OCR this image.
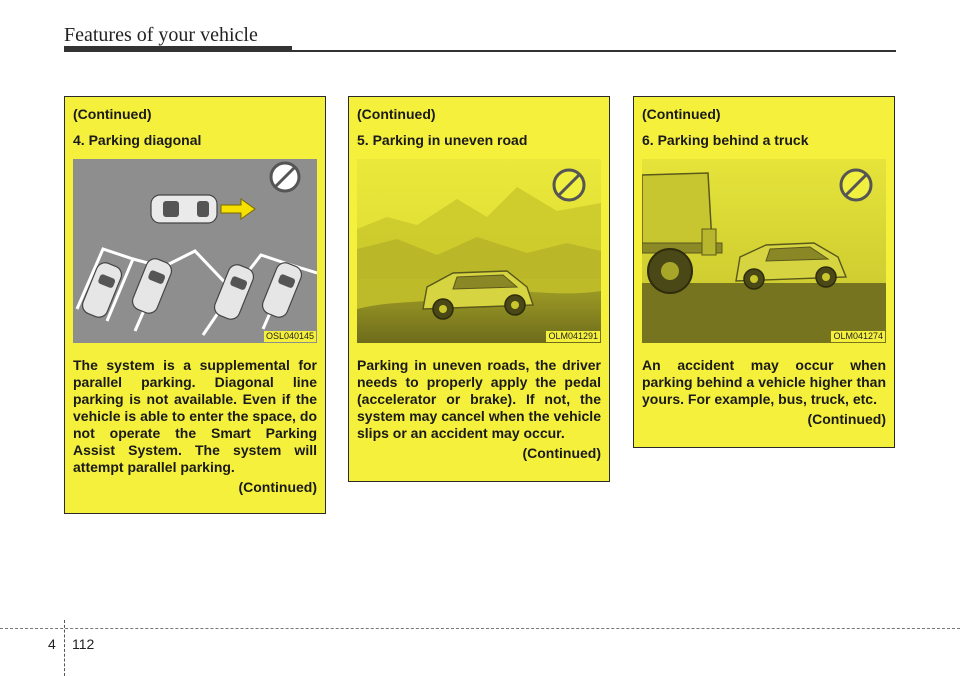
Features of your vehicle
(Continued)
4. Parking diagonal
OSL040145
The system is a supplemental for parallel parking. Diagonal line parking is not available. Even if the vehicle is able to enter the space, do not operate the Smart Parking Assist System. The system will attempt parallel parking.
(Continued)
(Continued)
5. Parking in uneven road
OLM041291
Parking in uneven roads, the driver needs to properly apply the pedal (accelerator or brake). If not, the system may cancel when the vehicle slips or an accident may occur.
(Continued)
(Continued)
6. Parking behind a truck
OLM041274
An accident may occur when parking behind a vehicle higher than yours. For example, bus, truck, etc.
(Continued)
4 112
